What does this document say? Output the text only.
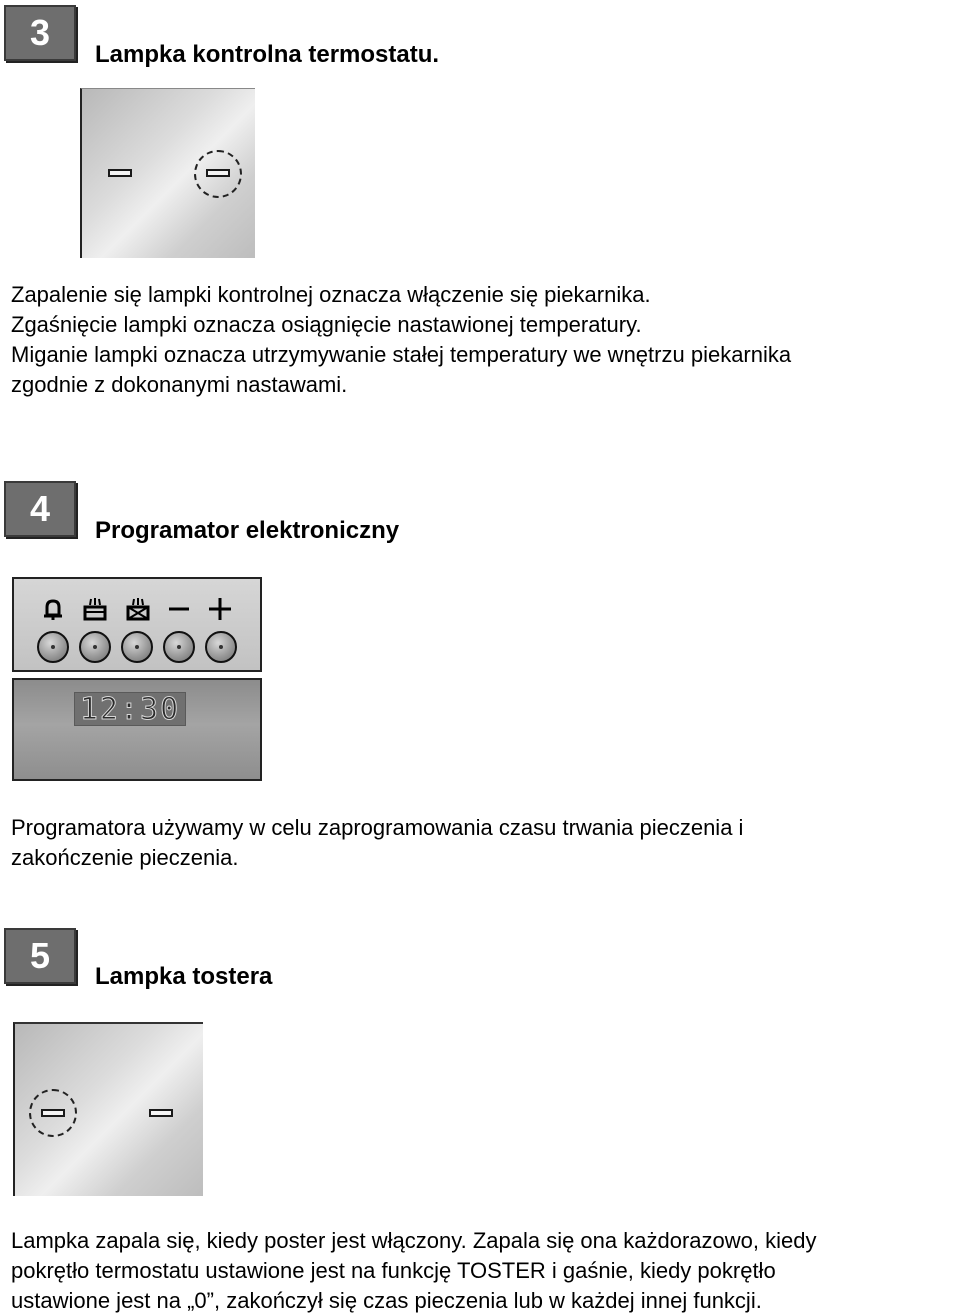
3
Lampka kontrolna termostatu.
Zapalenie się lampki kontrolnej oznacza włączenie się piekarnika.
Zgaśnięcie lampki oznacza osiągnięcie nastawionej temperatury.
Miganie lampki oznacza utrzymywanie stałej temperatury we wnętrzu piekarnika
zgodnie z dokonanymi nastawami.
4
Programator elektroniczny
12:30
Programatora używamy w celu zaprogramowania czasu trwania pieczenia i
zakończenie pieczenia.
5
Lampka tostera
Lampka zapala się, kiedy poster jest włączony. Zapala się ona każdorazowo, kiedy
pokrętło termostatu ustawione jest na funkcję TOSTER i gaśnie, kiedy pokrętło
ustawione jest na „0”, zakończył się czas pieczenia lub w każdej innej funkcji.
